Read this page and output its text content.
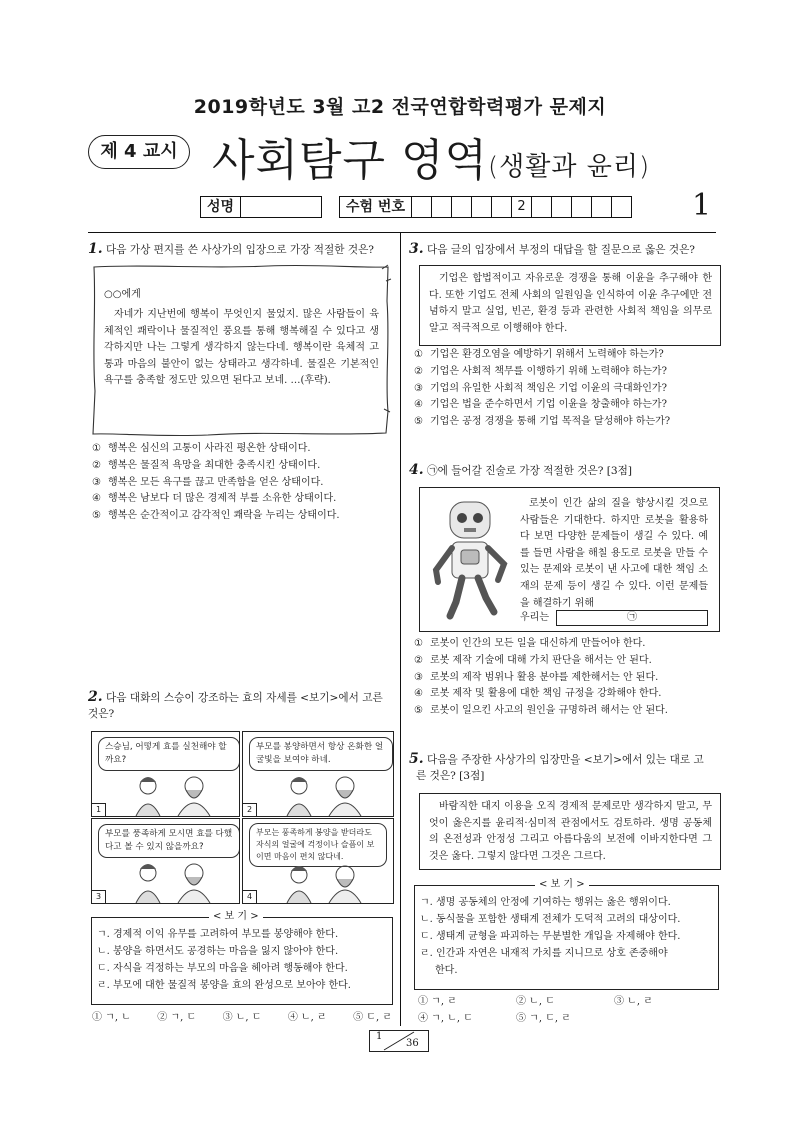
2019학년도 3월 고2 전국연합학력평가 문제지
제 4 교시 사회탐구 영역(생활과 윤리)
1
성명	수험 번호	2
1. 다음 가상 편지를 쓴 사상가의 입장으로 가장 적절한 것은?
○○에게
자네가 지난번에 행복이 무엇인지 물었지. 많은 사람들이 육체적인 쾌락이나 물질적인 풍요를 통해 행복해질 수 있다고 생각하지만 나는 그렇게 생각하지 않는다네. 행복이란 육체적 고통과 마음의 불안이 없는 상태라고 생각하네. 물질은 기본적인 욕구를 충족할 정도만 있으면 된다고 보네. …(후략).
① 행복은 심신의 고통이 사라진 평온한 상태이다.
② 행복은 물질적 욕망을 최대한 충족시킨 상태이다.
③ 행복은 모든 욕구를 끊고 만족함을 얻은 상태이다.
④ 행복은 남보다 더 많은 경제적 부를 소유한 상태이다.
⑤ 행복은 순간적이고 감각적인 쾌락을 누리는 상태이다.
2. 다음 대화의 스승이 강조하는 효의 자세를 <보기>에서 고른
것은?
스승님, 어떻게 효를 실천해야 할까요?
1
부모를 봉양하면서 항상 온화한 얼굴빛을 보여야 하네.
2
부모를 풍족하게 모시면 효를 다했다고 볼 수 있지 않을까요?
3
부모는 풍족하게 봉양을 받더라도 자식의 얼굴에 걱정이나 슬픔이 보이면 마음이 편치 않다네.
4
< 보 기 >
ㄱ. 경제적 이익 유무를 고려하여 부모를 봉양해야 한다.
ㄴ. 봉양을 하면서도 공경하는 마음을 잃지 않아야 한다.
ㄷ. 자식을 걱정하는 부모의 마음을 헤아려 행동해야 한다.
ㄹ. 부모에 대한 물질적 봉양을 효의 완성으로 보아야 한다.
① ㄱ, ㄴ	② ㄱ, ㄷ	③ ㄴ, ㄷ	④ ㄴ, ㄹ	⑤ ㄷ, ㄹ
3. 다음 글의 입장에서 부정의 대답을 할 질문으로 옳은 것은?
기업은 합법적이고 자유로운 경쟁을 통해 이윤을 추구해야 한다. 또한 기업도 전체 사회의 일원임을 인식하여 이윤 추구에만 전념하지 말고 실업, 빈곤, 환경 등과 관련한 사회적 책임을 의무로 알고 적극적으로 이행해야 한다.
① 기업은 환경오염을 예방하기 위해서 노력해야 하는가?
② 기업은 사회적 책무를 이행하기 위해 노력해야 하는가?
③ 기업의 유일한 사회적 책임은 기업 이윤의 극대화인가?
④ 기업은 법을 준수하면서 기업 이윤을 창출해야 하는가?
⑤ 기업은 공정 경쟁을 통해 기업 목적을 달성해야 하는가?
4. ㉠에 들어갈 진술로 가장 적절한 것은? [3점]
로봇이 인간 삶의 질을 향상시킬 것으로 사람들은 기대한다. 하지만 로봇을 활용하다 보면 다양한 문제들이 생길 수 있다. 예를 들면 사람을 해칠 용도로 로봇을 만들 수 있는 문제와 로봇이 낸 사고에 대한 책임 소재의 문제 등이 생길 수 있다. 이런 문제들을 해결하기 위해
우리는	㉠
① 로봇이 인간의 모든 일을 대신하게 만들어야 한다.
② 로봇 제작 기술에 대해 가치 판단을 해서는 안 된다.
③ 로봇의 제작 범위나 활용 분야를 제한해서는 안 된다.
④ 로봇 제작 및 활용에 대한 책임 규정을 강화해야 한다.
⑤ 로봇이 일으킨 사고의 원인을 규명하려 해서는 안 된다.
5. 다음을 주장한 사상가의 입장만을 <보기>에서 있는 대로 고
른 것은? [3점]
바람직한 대지 이용을 오직 경제적 문제로만 생각하지 말고, 무엇이 옳은지를 윤리적·심미적 관점에서도 검토하라. 생명 공동체의 온전성과 안정성 그리고 아름다움의 보전에 이바지한다면 그것은 옳다. 그렇지 않다면 그것은 그르다.
< 보 기 >
ㄱ. 생명 공동체의 안정에 기여하는 행위는 옳은 행위이다.
ㄴ. 동식물을 포함한 생태계 전체가 도덕적 고려의 대상이다.
ㄷ. 생태계 균형을 파괴하는 무분별한 개입을 자제해야 한다.
ㄹ. 인간과 자연은 내재적 가치를 지니므로 상호 존중해야
한다.
① ㄱ, ㄹ	② ㄴ, ㄷ	③ ㄴ, ㄹ
④ ㄱ, ㄴ, ㄷ	⑤ ㄱ, ㄷ, ㄹ
1
36
